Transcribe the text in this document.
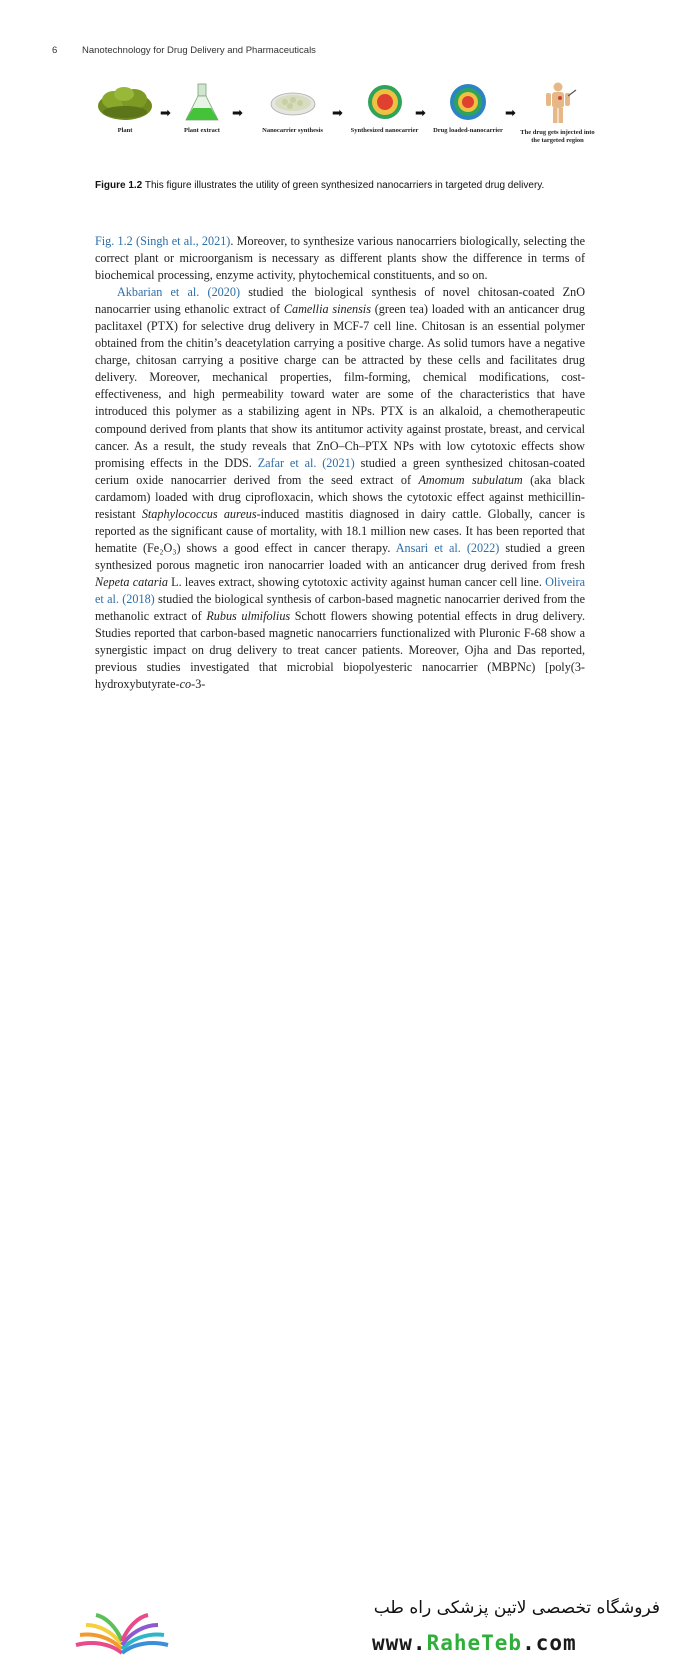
6	Nanotechnology for Drug Delivery and Pharmaceuticals
Plant
➡
Plant extract
➡
Nanocarrier synthesis
➡
Synthesized nanocarrier
➡
Drug loaded-nanocarrier
➡
The drug gets injected into the targeted region
Figure 1.2 This figure illustrates the utility of green synthesized nanocarriers in targeted drug delivery.

Fig. 1.2 (Singh et al., 2021). Moreover, to synthesize various nanocarriers biologically, selecting the correct plant or microorganism is necessary as different plants show the difference in terms of biochemical processing, enzyme activity, phytochemical constituents, and so on.

Akbarian et al. (2020) studied the biological synthesis of novel chitosan-coated ZnO nanocarrier using ethanolic extract of Camellia sinensis (green tea) loaded with an anticancer drug paclitaxel (PTX) for selective drug delivery in MCF-7 cell line. Chitosan is an essential polymer obtained from the chitin’s deacetylation carrying a positive charge. As solid tumors have a negative charge, chitosan carrying a positive charge can be attracted by these cells and facilitates drug delivery. Moreover, mechanical properties, film-forming, chemical modifications, cost-effectiveness, and high permeability toward water are some of the characteristics that have introduced this polymer as a stabilizing agent in NPs. PTX is an alkaloid, a chemotherapeutic compound derived from plants that show its antitumor activity against prostate, breast, and cervical cancer. As a result, the study reveals that ZnO–Ch–PTX NPs with low cytotoxic effects show promising effects in the DDS. Zafar et al. (2021) studied a green synthesized chitosan-coated cerium oxide nanocarrier derived from the seed extract of Amomum subulatum (aka black cardamom) loaded with drug ciprofloxacin, which shows the cytotoxic effect against methicillin-resistant Staphylococcus aureus-induced mastitis diagnosed in dairy cattle. Globally, cancer is reported as the significant cause of mortality, with 18.1 million new cases. It has been reported that hematite (Fe₂O₃) shows a good effect in cancer therapy. Ansari et al. (2022) studied a green synthesized porous magnetic iron nanocarrier loaded with an anticancer drug derived from fresh Nepeta cataria L. leaves extract, showing cytotoxic activity against human cancer cell line. Oliveira et al. (2018) studied the biological synthesis of carbon-based magnetic nanocarrier derived from the methanolic extract of Rubus ulmifolius Schott flowers showing potential effects in drug delivery. Studies reported that carbon-based magnetic nanocarriers functionalized with Pluronic F-68 show a synergistic impact on drug delivery to treat cancer patients. Moreover, Ojha and Das reported, previous studies investigated that microbial biopolyesteric nanocarrier (MBPNc) [poly(3-hydroxybutyrate-co-3-

فروشگاه تخصصی لاتین پزشکی راه طب
www.RaheTeb.com
